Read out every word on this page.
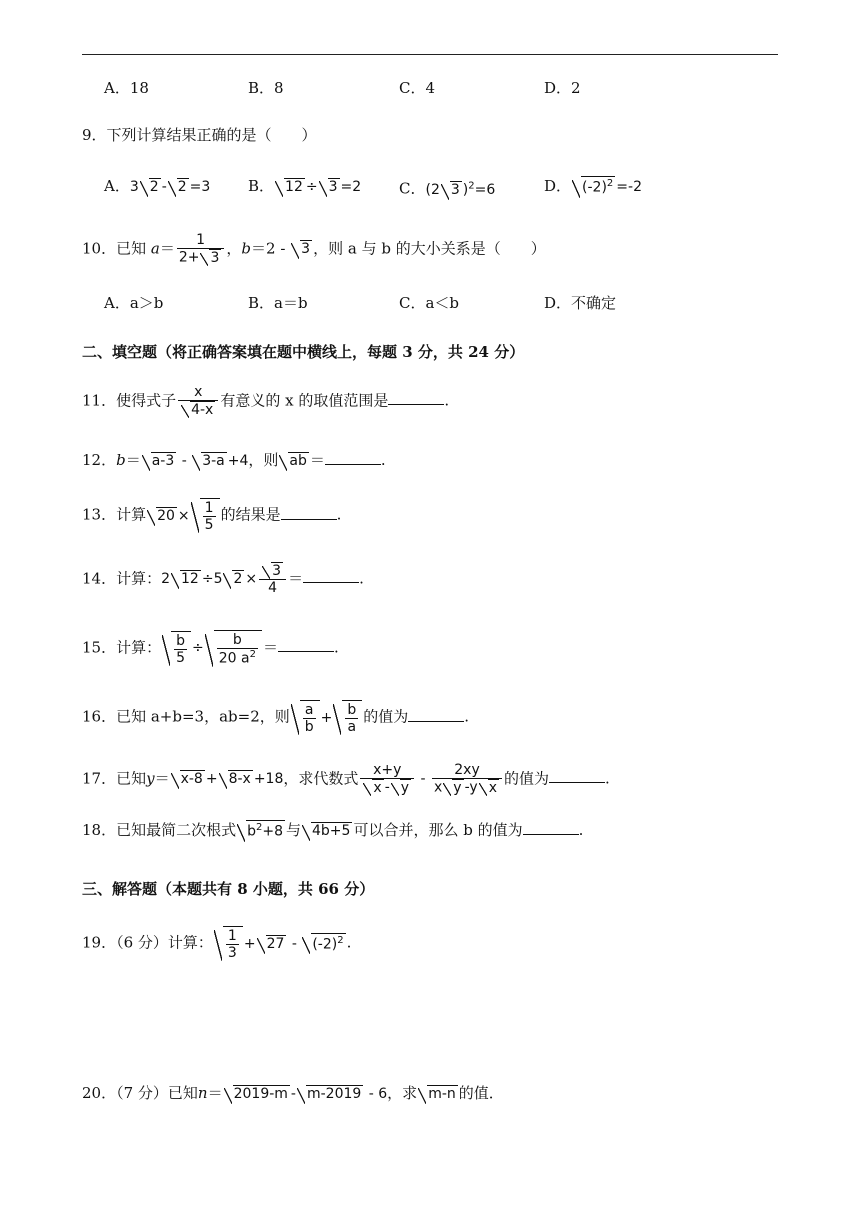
A．18	B．8	C．4	D．2
9．下列计算结果正确的是（　　）
A．3 2 - 2 =3	B． 12 ÷ 3 =2	C．(2 3 )$^2$=6	D． $(-2)^2 =-2$
10．已知 $a= \frac{1}{2+ 3}$ ，b＝2 - 3 ，则 a 与 b 的大小关系是（　　）
A．a＞b	B．a＝b	C．a＜b	D．不确定
二、填空题（将正确答案填在题中横线上，每题 3 分，共 24 分）
11．使得式子 $\frac{x}{4-x}$ 有意义的 x 的取值范围是	.
12．b＝ a-3 - 3-a +4，则 ab ＝	.
13．计算 $20 \times \frac{1}{5}$ 的结果是	.
14．计算：2 12 ÷5 $2 \times \frac{3}{4}$ ＝	.
15．计算： $\frac{b}{5} \div \frac{b}{20 a^2}$ ＝	.
16．已知 a+b=3，ab=2，则 $\frac{a}{b} + \frac{b}{a}$ 的值为	.
17．已知y＝ x-8 + 8-x +18，求代数式 $\frac{x+y}{x - y} - \frac{2xy}{\text{x y -y x}}$ 的值为	.
18．已知最简二次根式 $b^2+8$ 与 4b+5 可以合并，那么 b 的值为	.
三、解答题（本题共有 8 小题，共 66 分）
19．（6 分）计算： $\frac{1}{3} + 27 - (-2)^2$ .
20．（7 分）已知n＝ 2019-m - m-2019 - 6，求 m-n 的值．
